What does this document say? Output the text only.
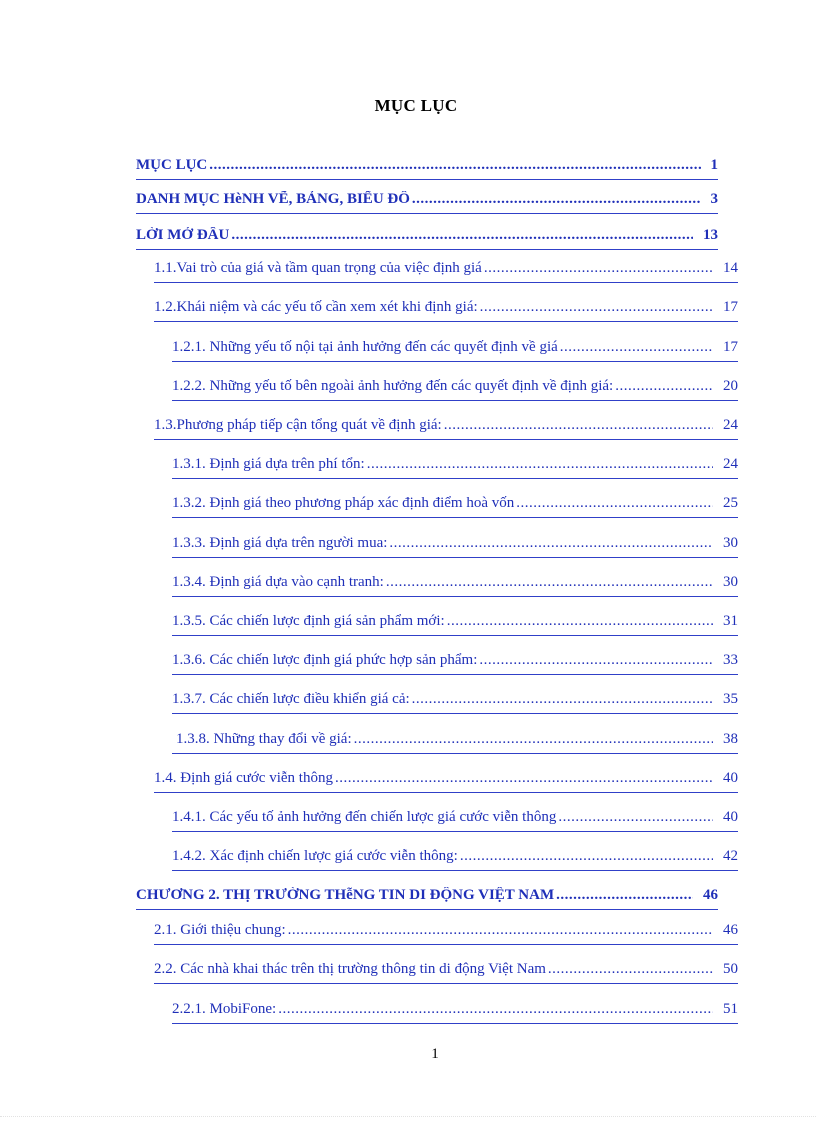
MỤC LỤC
MỤC LỤC .....	1
DANH MỤC HèNH VẼ, BẢNG, BIỂU ĐỒ .....	3
LỜI MỞ ĐẦU .....	13
1.1.Vai trò của giá và tầm quan trọng của việc định giá .....	14
1.2.Khái niệm và các yếu tố cần xem xét khi định giá: .....	17
1.2.1. Những yếu tố nội tại ảnh hưởng đến các quyết định về giá .....	17
1.2.2. Những yếu tố bên ngoài ảnh hưởng đến các quyết định về định giá: .....	20
1.3.Phương pháp tiếp cận tổng quát về định giá: .....	24
1.3.1. Định giá dựa trên phí tổn: .....	24
1.3.2. Định giá theo phương pháp xác định điểm hoà vốn .....	25
1.3.3. Định giá dựa trên người mua: .....	30
1.3.4. Định giá dựa vào cạnh tranh: .....	30
1.3.5. Các chiến lược định giá sản phẩm mới: .....	31
1.3.6. Các chiến lược định giá phức hợp sản phẩm: .....	33
1.3.7. Các chiến lược điều khiển giá cả: .....	35
1.3.8. Những thay đổi về giá: .....	38
1.4. Định giá cước viễn thông .....	40
1.4.1. Các yếu tố ảnh hưởng đến chiến lược giá cước viễn thông .....	40
1.4.2. Xác định chiến lược giá cước viễn thông: .....	42
CHƯƠNG 2. THỊ TRƯỜNG THễNG TIN DI ĐỘNG VIỆT NAM .....	46
2.1. Giới thiệu chung: .....	46
2.2. Các nhà khai thác trên thị trường thông tin di động Việt Nam .....	50
2.2.1. MobiFone: .....	51
1
